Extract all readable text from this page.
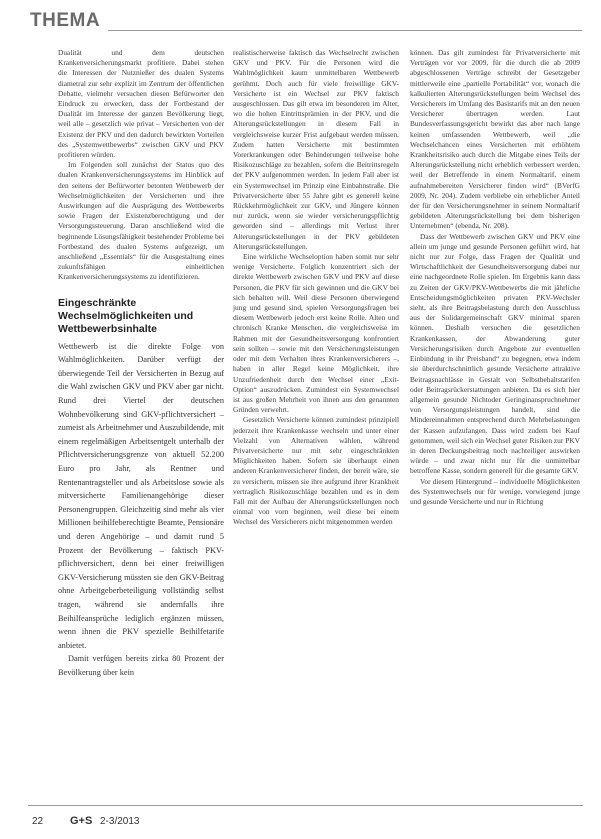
THEMA

Dualität und dem deutschen Krankenversicherungsmarkt profitiere. Dabei stehen die Interessen der Nutznießer des dualen Systems diametral zur sehr explizit im Zentrum der öffentlichen Debatte, vielmehr versuchen diesen Befürworter den Eindruck zu erwecken, dass der Fortbestand der Dualität im Interesse der ganzen Bevölkerung liegt, weil alle – gesetzlich wie privat – Versicherten von der Existenz der PKV und den dadurch bewirkten Vorteilen des „Systemwettbewerbs“ zwischen GKV und PKV profitieren würden.

Im Folgenden soll zunächst der Status quo des dualen Krankenversicherungssystems im Hinblick auf den seitens der Befürworter betonten Wettbewerb der Wechselmöglichkeiten der Versicherten und ihre Auswirkungen auf die Ausprägung des Wettbewerbs sowie Fragen der Existenzberechtigung und der Versorgungssteuerung. Daran anschließend wird die beginnende Lösungsfähigkeit bestehender Probleme bei Fortbestand des dualen Systems aufgezeigt, um anschließend „Essentials“ für die Ausgestaltung eines zukunftsfähigen einheitlichen Krankenversicherungssystems zu identifizieren.

Eingeschränkte Wechselmöglichkeiten und Wettbewerbsinhalte

Wettbewerb ist die direkte Folge von Wahlmöglichkeiten. Darüber verfügt der überwiegende Teil der Versicherten in Bezug auf die Wahl zwischen GKV und PKV aber gar nicht. Rund drei Viertel der deutschen Wohnbevölkerung sind GKV-pflichtversichert – zumeist als Arbeitnehmer und Auszubildende, mit einem regelmäßigen Arbeitsentgelt unterhalb der Pflichtversicherungsgrenze von aktuell 52.200 Euro pro Jahr, als Rentner und Rentenantragsteller und als Arbeitslose sowie als mitversicherte Familienangehörige dieser Personengruppen. Gleichzeitig sind mehr als vier Millionen beihilfeberechtigte Beamte, Pensionäre und deren Angehörige – und damit rund 5 Prozent der Bevölkerung – faktisch PKV-pflichtversichert, denn bei einer freiwilligen GKV-Versicherung müssten sie den GKV-Beitrag ohne Arbeitgeberbeteiligung vollständig selbst tragen, während sie andernfalls ihre Beihilfeansprüche lediglich ergänzen müssen, wenn ihnen die PKV spezielle Beihilfetarife anbietet.

Damit verfügen bereits zirka 80 Prozent der Bevölkerung über kein

realistischerweise faktisch das Wechselrecht zwischen GKV und PKV. Für die Personen wird die Wahlmöglichkeit kaum unmittelbaren Wettbewerb gerühmt. Doch auch für viele freiwillige GKV-Versicherte ist ein Wechsel zur PKV faktisch ausgeschlossen. Das gilt etwa im besonderen im Alter, wo die hohen Eintrittsprämien in der PKV, und die Alterungsrückstellungen in diesem Fall in vergleichsweise kurzer Frist aufgebaut werden müssen. Zudem hatten Versicherte mit bestimmten Vorerkrankungen oder Behinderungen teilweise hohe Risikozuschläge zu bezahlen, sofern die Beitrittsregeln der PKV aufgenommen werden. In jedem Fall aber ist ein Systemwechsel im Prinzip eine Einbahnstraße. Die Privatversicherte über 55 Jahre gibt es generell keine Rückkehrmöglichkeit zur GKV, und Jüngere können nur zurück, wenn sie wieder versicherungspflichtig geworden sind – allerdings mit Verlust ihrer Alterungsrückstellungen in der PKV gebildeten Alterungsrückstellungen.

Eine wirkliche Wechseloption haben somit nur sehr wenige Versicherte. Folglich konzentriert sich der direkte Wettbewerb zwischen GKV und PKV auf diese Personen, die PKV für sich gewinnen und die GKV bei sich behalten will. Weil diese Personen überwiegend jung und gesund sind, spielen Versorgungsfragen bei diesem Wettbewerb jedoch erst keine Rolle. Alten und chronisch Kranke Menschen, die vergleichsweise im Rahmen mit der Gesundheitsversorgung konfrontiert sein sollten – sowie mit den Versicherungsleistungen oder mit dem Verhalten ihres Krankenversicherers –, haben in aller Regel keine Möglichkeit, ihre Unzufriedenheit durch den Wechsel einer „Exit-Option“ auszudrücken. Zumindest ein Systemwechsel ist aus großen Mehrheit von ihnen aus den genannten Gründen verwehrt.

Gesetzlich Versicherte können zumindest prinzipiell jederzeit ihre Krankenkasse wechseln und unter einer Vielzahl von Alternativen wählen, während Privatversicherte nur mit sehr eingeschränkten Möglichkeiten haben. Sofern sie überhaupt einen anderen Krankenversicherer finden, der bereit wäre, sie zu versichern, müssen sie ihre aufgrund ihrer Krankheit vertraglich Risikozuschläge bezahlen und es in dem Fall mit der Aufbau der Alterungsrückstellungen noch einmal von vorn beginnen, weil diese bei einem Wechsel des Versicherers nicht mitgenommen werden

können. Das gilt zumindest für Privatversicherte mit Verträgen vor vor 2009, für die durch die ab 2009 abgeschlossenen Verträge schreibt der Gesetzgeber mittlerweile eine „partielle Portabilität“ vor, wonach die kalkulierten Alterungsrückstellungen beim Wechsel des Versicherers im Umfang des Basistarifs mit an den neuen Versicherer übertragen werden. Laut Bundesverfassungsgericht bewirkt das aber nach lange keinen umfassenden Wettbewerb, weil „die Wechselchancen eines Versicherten mit erhöhtem Krankheitsrisiko auch durch die Mitgabe eines Teils der Alterungsrückstellung nicht erheblich verbessert werden, weil der Betreffende in einem Normaltarif, einem aufnahmebereiten Versicherer finden wird“ (BVerfG 2009, Nr. 204). Zudem verbliebe ein erheblicher Anteil der für den Versicherungsnehmer in seinem Normaltarif gebildeten Alterungsrückstellung bei dem bisherigen Unternehmen“ (ebenda, Nr. 208).

Dass der Wettbewerb zwischen GKV und PKV eine allein um junge und gesunde Personen geführt wird, hat nicht nur zur Folge, dass Fragen der Qualität und Wirtschaftlichkeit der Gesundheitsversorgung dabei nur eine nachgeordnete Rolle spielen. Im Ergebnis kann dass zu Zeiten der GKV/PKV-Wettbewerbs die mit jährliche Entscheidungsmöglichkeiten privaten PKV-Wechsler sieht, als ihre Beitragsbelastung durch den Ausschluss aus der Solidargemeinschaft GKV minimal sparen können. Deshalb versuchen die gesetzlichen Krankenkassen, der Abwanderung guter Versicherungsrisiken durch Angebote zur eventuellen Einbindung in ihr Preisband“ zu begegnen, etwa indem sie überdurchschnittlich gesunde Versicherte attraktive Beitragsnachlässe in Gestalt von Selbstbehaltstarifen oder Beitragsrückerstattungen anbieten. Da es sich hier allgemein gesunde Nichtoder Geringinanspruchnehmer von Versorgungsleistungen handelt, sind die Mindereinnahmen entsprechend durch Mehrbelastungen der Kassen aufzufangen. Dass wird zudem bei Kauf genommen, weil sich ein Wechsel guter Risiken zur PKV in deren Deckungsbeitrag noch nachteiliger auswirken würde – und zwar nicht nur für die unmittelbar betroffene Kasse, sondern generell für die gesamte GKV.

Vor diesem Hintergrund – individuelle Möglichkeiten des Systemwechsels nur für wenige, vorwiegend junge und gesunde Versicherte und nur in Richtung

22 G+S 2-3/2013
